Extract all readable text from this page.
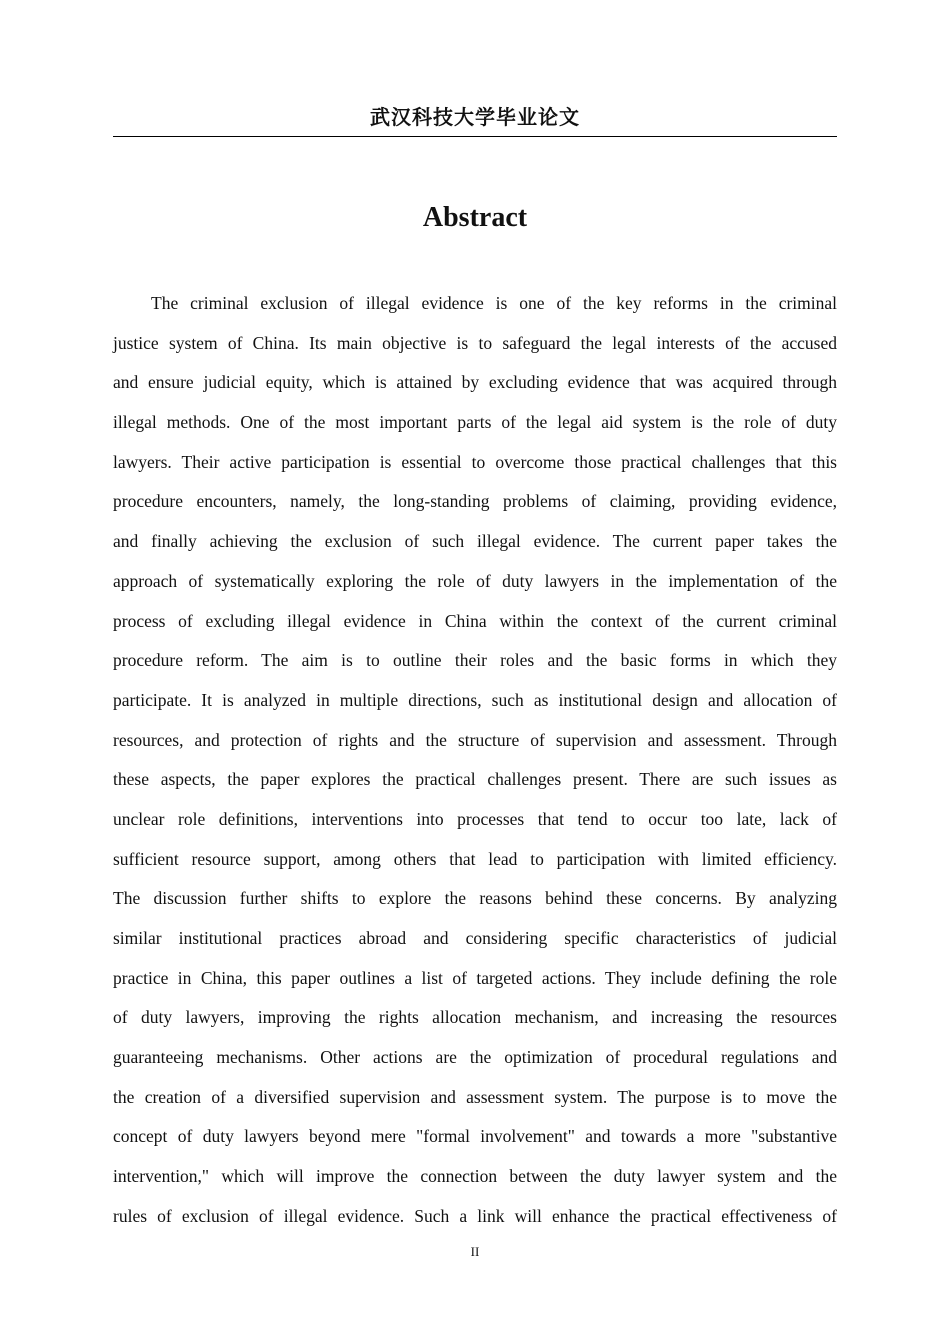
武汉科技大学毕业论文
Abstract
The criminal exclusion of illegal evidence is one of the key reforms in the criminal
justice system of China. Its main objective is to safeguard the legal interests of the accused
and ensure judicial equity, which is attained by excluding evidence that was acquired through
illegal methods. One of the most important parts of the legal aid system is the role of duty
lawyers. Their active participation is essential to overcome those practical challenges that this
procedure encounters, namely, the long-standing problems of claiming, providing evidence,
and finally achieving the exclusion of such illegal evidence. The current paper takes the
approach of systematically exploring the role of duty lawyers in the implementation of the
process of excluding illegal evidence in China within the context of the current criminal
procedure reform. The aim is to outline their roles and the basic forms in which they
participate. It is analyzed in multiple directions, such as institutional design and allocation of
resources, and protection of rights and the structure of supervision and assessment. Through
these aspects, the paper explores the practical challenges present. There are such issues as
unclear role definitions, interventions into processes that tend to occur too late, lack of
sufficient resource support, among others that lead to participation with limited efficiency.
The discussion further shifts to explore the reasons behind these concerns. By analyzing
similar institutional practices abroad and considering specific characteristics of judicial
practice in China, this paper outlines a list of targeted actions. They include defining the role
of duty lawyers, improving the rights allocation mechanism, and increasing the resources
guaranteeing mechanisms. Other actions are the optimization of procedural regulations and
the creation of a diversified supervision and assessment system. The purpose is to move the
concept of duty lawyers beyond mere "formal involvement" and towards a more "substantive
intervention," which will improve the connection between the duty lawyer system and the
rules of exclusion of illegal evidence. Such a link will enhance the practical effectiveness of
II
